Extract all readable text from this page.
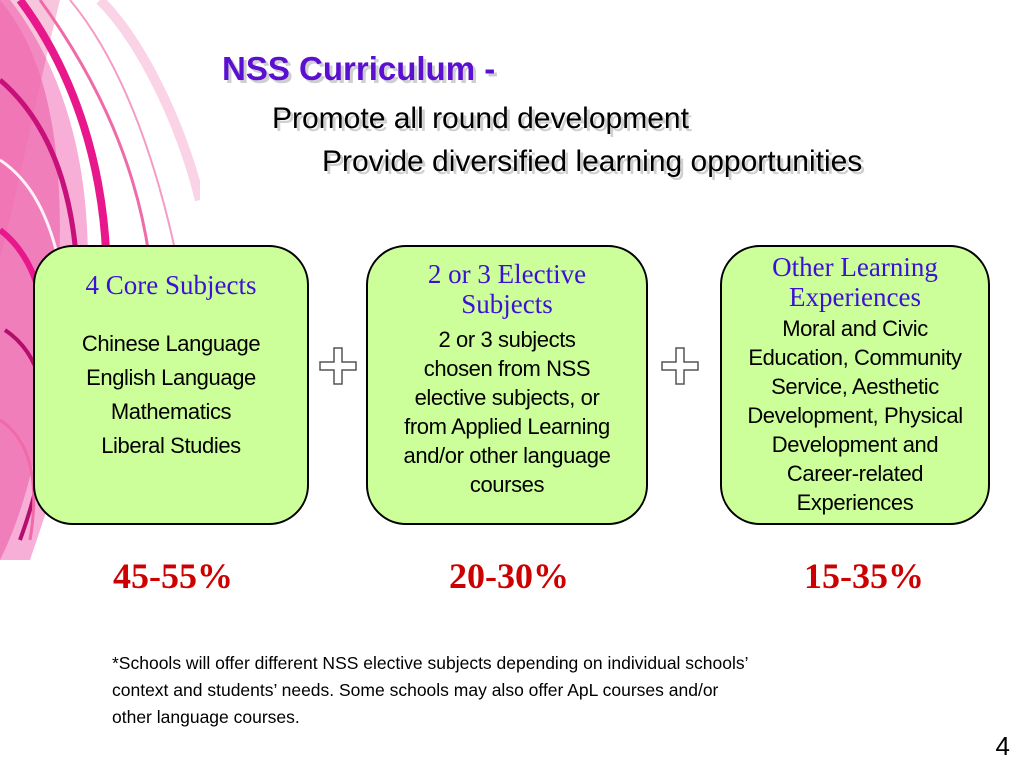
NSS Curriculum -
Promote all round development
Provide diversified learning opportunities
4 Core Subjects
Chinese Language
English Language
Mathematics
Liberal Studies
2 or 3 Elective
Subjects
2 or 3 subjects
chosen from NSS
elective subjects, or
from Applied Learning
and/or other language
courses
Other Learning
Experiences
Moral and Civic
Education, Community
Service, Aesthetic
Development, Physical
Development and
Career-related
Experiences
45-55%	20-30%	15-35%
*Schools will offer different NSS elective subjects depending on individual schools’
context and students’ needs. Some schools may also offer ApL courses and/or
other language courses.
4
